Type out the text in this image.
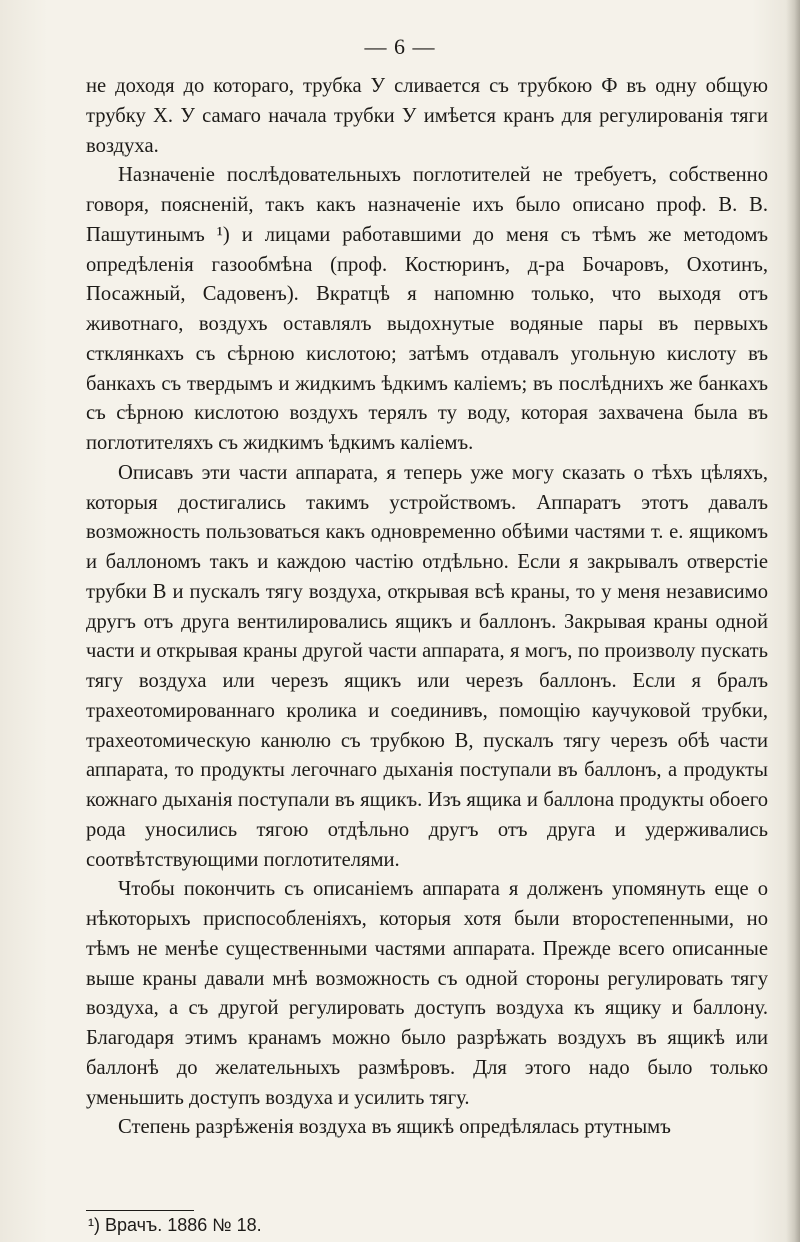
— 6 —

не доходя до котораго, трубка У сливается съ трубкою Ф въ одну общую трубку Х. У самаго начала трубки У имѣется кранъ для регулированія тяги воздуха.

Назначеніе послѣдовательныхъ поглотителей не требуетъ, собственно говоря, поясненій, такъ какъ назначеніе ихъ было описано проф. В. В. Пашутинымъ ¹) и лицами работавшими до меня съ тѣмъ же методомъ опредѣленія газообмѣна (проф. Костюринъ, д-ра Бочаровъ, Охотинъ, Посажный, Садовенъ). Вкратцѣ я напомню только, что выходя отъ животнаго, воздухъ оставлялъ выдохнутые водяные пары въ первыхъ стклянкахъ съ сѣрною кислотою; затѣмъ отдавалъ угольную кислоту въ банкахъ съ твердымъ и жидкимъ ѣдкимъ каліемъ; въ послѣднихъ же банкахъ съ сѣрною кислотою воздухъ терялъ ту воду, которая захвачена была въ поглотителяхъ съ жидкимъ ѣдкимъ каліемъ.

Описавъ эти части аппарата, я теперь уже могу сказать о тѣхъ цѣляхъ, которыя достигались такимъ устройствомъ. Аппаратъ этотъ давалъ возможность пользоваться какъ одновременно обѣими частями т. е. ящикомъ и баллономъ такъ и каждою частію отдѣльно. Если я закрывалъ отверстіе трубки В и пускалъ тягу воздуха, открывая всѣ краны, то у меня независимо другъ отъ друга вентилировались ящикъ и баллонъ. Закрывая краны одной части и открывая краны другой части аппарата, я могъ, по произволу пускать тягу воздуха или черезъ ящикъ или черезъ баллонъ. Если я бралъ трахеотомированнаго кролика и соединивъ, помощію каучуковой трубки, трахеотомическую канюлю съ трубкою В, пускалъ тягу черезъ обѣ части аппарата, то продукты легочнаго дыханія поступали въ баллонъ, а продукты кожнаго дыханія поступали въ ящикъ. Изъ ящика и баллона продукты обоего рода уносились тягою отдѣльно другъ отъ друга и удерживались соотвѣтствующими поглотителями.

Чтобы покончить съ описаніемъ аппарата я долженъ упомянуть еще о нѣкоторыхъ приспособленіяхъ, которыя хотя были второстепенными, но тѣмъ не менѣе существенными частями аппарата. Прежде всего описанные выше краны давали мнѣ возможность съ одной стороны регулировать тягу воздуха, а съ другой регулировать доступъ воздуха къ ящику и баллону. Благодаря этимъ кранамъ можно было разрѣжать воздухъ въ ящикѣ или баллонѣ до желательныхъ размѣровъ. Для этого надо было только уменьшить доступъ воздуха и усилить тягу.

Степень разрѣженія воздуха въ ящикѣ опредѣлялась ртутнымъ

¹) Врачъ. 1886 № 18.
